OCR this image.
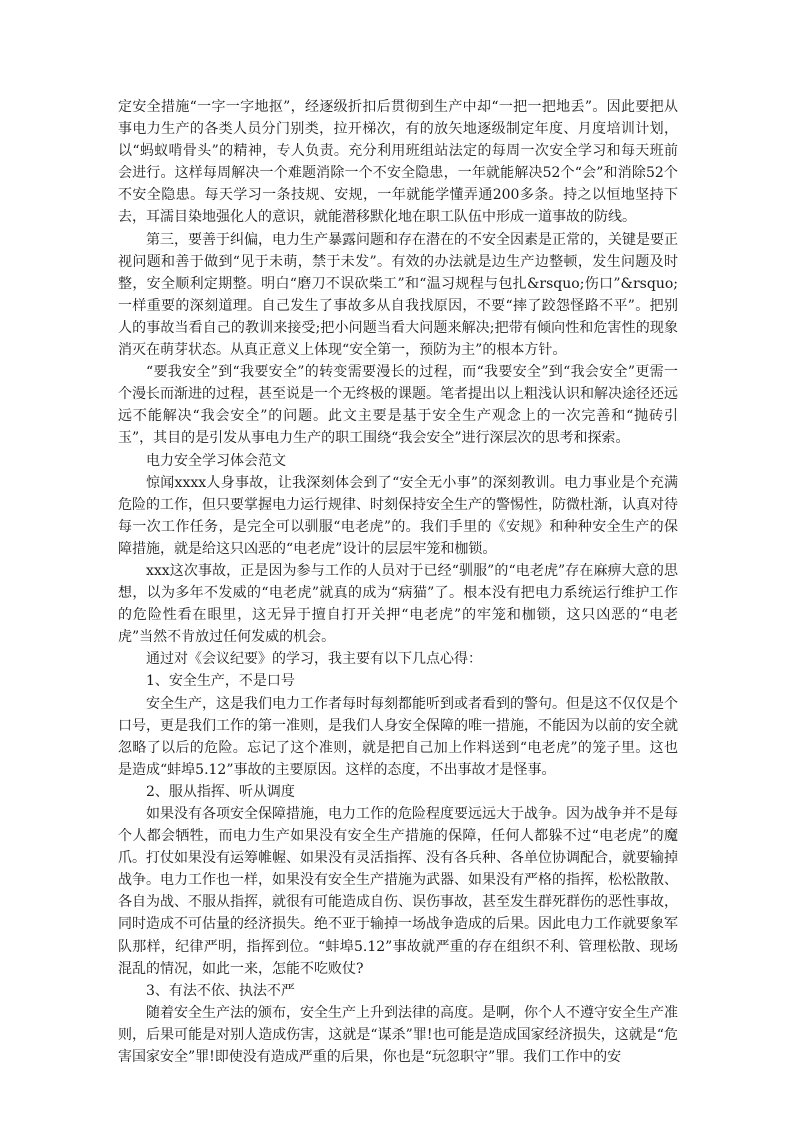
定安全措施“一字一字地抠”，经逐级折扣后贯彻到生产中却“一把一把地丢”。因此要把从事电力生产的各类人员分门别类，拉开梯次，有的放矢地逐级制定年度、月度培训计划，以“蚂蚁啃骨头”的精神，专人负责。充分利用班组站法定的每周一次安全学习和每天班前会进行。这样每周解决一个难题消除一个不安全隐患，一年就能解决52个“会”和消除52个不安全隐患。每天学习一条技规、安规，一年就能学懂弄通200多条。持之以恒地坚持下去，耳濡目染地强化人的意识，就能潜移默化地在职工队伍中形成一道事故的防线。

第三，要善于纠偏，电力生产暴露问题和存在潜在的不安全因素是正常的，关键是要正视问题和善于做到“见于未萌，禁于未发”。有效的办法就是边生产边整顿，发生问题及时整，安全顺利定期整。明白“磨刀不误砍柴工”和“温习规程与包扎&rsquo;伤口”&rsquo;一样重要的深刻道理。自己发生了事故多从自我找原因，不要“摔了跤怨怪路不平”。把别人的事故当看自己的教训来接受;把小问题当看大问题来解决;把带有倾向性和危害性的现象消灭在萌芽状态。从真正意义上体现“安全第一，预防为主”的根本方针。

“要我安全”到“我要安全”的转变需要漫长的过程，而“我要安全”到“我会安全”更需一个漫长而渐进的过程，甚至说是一个无终极的课题。笔者提出以上粗浅认识和解决途径还远远不能解决“我会安全”的问题。此文主要是基于安全生产观念上的一次完善和“抛砖引玉”，其目的是引发从事电力生产的职工围绕“我会安全”进行深层次的思考和探索。

电力安全学习体会范文

惊闻xxxx人身事故，让我深刻体会到了“安全无小事”的深刻教训。电力事业是个充满危险的工作，但只要掌握电力运行规律、时刻保持安全生产的警惕性，防微杜渐，认真对待每一次工作任务，是完全可以驯服“电老虎”的。我们手里的《安规》和种种安全生产的保障措施，就是给这只凶恶的“电老虎”设计的层层牢笼和枷锁。

xxx这次事故，正是因为参与工作的人员对于已经“驯服”的“电老虎”存在麻痹大意的思想，以为多年不发威的“电老虎”就真的成为“病猫”了。根本没有把电力系统运行维护工作的危险性看在眼里，这无异于擅自打开关押“电老虎”的牢笼和枷锁，这只凶恶的“电老虎”当然不肯放过任何发威的机会。

通过对《会议纪要》的学习，我主要有以下几点心得：

1、安全生产，不是口号

安全生产，这是我们电力工作者每时每刻都能听到或者看到的警句。但是这不仅仅是个口号，更是我们工作的第一准则，是我们人身安全保障的唯一措施，不能因为以前的安全就忽略了以后的危险。忘记了这个准则，就是把自己加上作料送到“电老虎”的笼子里。这也是造成“蚌埠5.12”事故的主要原因。这样的态度，不出事故才是怪事。

2、服从指挥、听从调度

如果没有各项安全保障措施，电力工作的危险程度要远远大于战争。因为战争并不是每个人都会牺牲，而电力生产如果没有安全生产措施的保障，任何人都躲不过“电老虎”的魔爪。打仗如果没有运筹帷幄、如果没有灵活指挥、没有各兵种、各单位协调配合，就要输掉战争。电力工作也一样，如果没有安全生产措施为武器、如果没有严格的指挥，松松散散、各自为战、不服从指挥，就很有可能造成自伤、误伤事故，甚至发生群死群伤的恶性事故，同时造成不可估量的经济损失。绝不亚于输掉一场战争造成的后果。因此电力工作就要象军队那样，纪律严明，指挥到位。“蚌埠5.12”事故就严重的存在组织不利、管理松散、现场混乱的情况，如此一来，怎能不吃败仗?

3、有法不依、执法不严

随着安全生产法的颁布，安全生产上升到法律的高度。是啊，你个人不遵守安全生产准则，后果可能是对别人造成伤害，这就是“谋杀”罪!也可能是造成国家经济损失，这就是“危害国家安全”罪!即使没有造成严重的后果，你也是“玩忽职守”罪。我们工作中的安
